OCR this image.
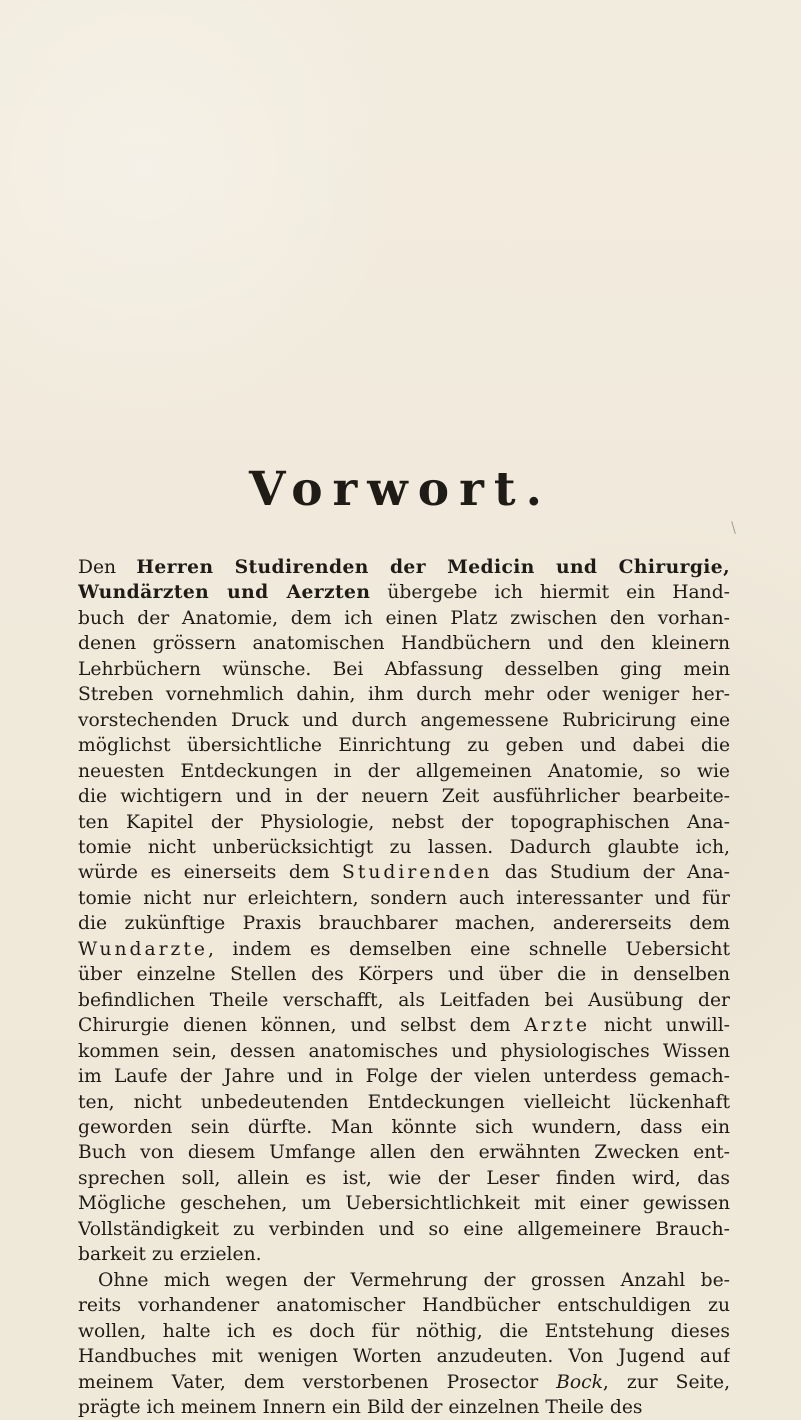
Vorwort.
Den Herren Studirenden der Medicin und Chirurgie,
Wundärzten und Aerzten übergebe ich hiermit ein Hand-
buch der Anatomie, dem ich einen Platz zwischen den vorhan-
denen grössern anatomischen Handbüchern und den kleinern
Lehrbüchern wünsche. Bei Abfassung desselben ging mein
Streben vornehmlich dahin, ihm durch mehr oder weniger her-
vorstechenden Druck und durch angemessene Rubricirung eine
möglichst übersichtliche Einrichtung zu geben und dabei die
neuesten Entdeckungen in der allgemeinen Anatomie, so wie
die wichtigern und in der neuern Zeit ausführlicher bearbeite-
ten Kapitel der Physiologie, nebst der topographischen Ana-
tomie nicht unberücksichtigt zu lassen. Dadurch glaubte ich,
würde es einerseits dem Studirenden das Studium der Ana-
tomie nicht nur erleichtern, sondern auch interessanter und für
die zukünftige Praxis brauchbarer machen, andererseits dem
Wundarzte, indem es demselben eine schnelle Uebersicht
über einzelne Stellen des Körpers und über die in denselben
befindlichen Theile verschafft, als Leitfaden bei Ausübung der
Chirurgie dienen können, und selbst dem Arzte nicht unwill-
kommen sein, dessen anatomisches und physiologisches Wissen
im Laufe der Jahre und in Folge der vielen unterdess gemach-
ten, nicht unbedeutenden Entdeckungen vielleicht lückenhaft
geworden sein dürfte. Man könnte sich wundern, dass ein
Buch von diesem Umfange allen den erwähnten Zwecken ent-
sprechen soll, allein es ist, wie der Leser finden wird, das
Mögliche geschehen, um Uebersichtlichkeit mit einer gewissen
Vollständigkeit zu verbinden und so eine allgemeinere Brauch-
barkeit zu erzielen.
Ohne mich wegen der Vermehrung der grossen Anzahl be-
reits vorhandener anatomischer Handbücher entschuldigen zu
wollen, halte ich es doch für nöthig, die Entstehung dieses
Handbuches mit wenigen Worten anzudeuten. Von Jugend auf
meinem Vater, dem verstorbenen Prosector Bock, zur Seite,
prägte ich meinem Innern ein Bild der einzelnen Theile des
